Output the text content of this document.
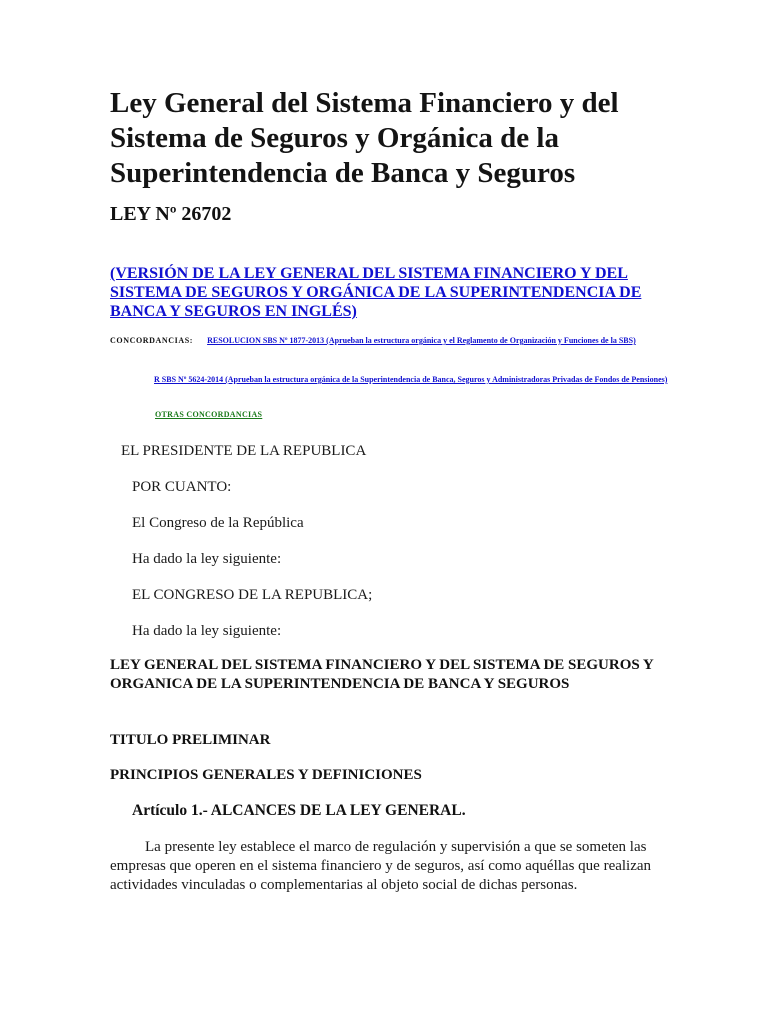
Ley General del Sistema Financiero y del Sistema de Seguros y Orgánica de la Superintendencia de Banca y Seguros
LEY Nº 26702
(VERSIÓN DE LA LEY GENERAL DEL SISTEMA FINANCIERO Y DEL SISTEMA DE SEGUROS Y ORGÁNICA DE LA SUPERINTENDENCIA DE BANCA Y SEGUROS EN INGLÉS)
CONCORDANCIAS: RESOLUCION SBS Nº 1877-2013 (Aprueban la estructura orgánica y el Reglamento de Organización y Funciones de la SBS)
R SBS Nº 5624-2014 (Aprueban la estructura orgánica de la Superintendencia de Banca, Seguros y Administradoras Privadas de Fondos de Pensiones)
OTRAS CONCORDANCIAS

EL PRESIDENTE DE LA REPUBLICA

POR CUANTO:

El Congreso de la República

Ha dado la ley siguiente:

EL CONGRESO DE LA REPUBLICA;

Ha dado la ley siguiente:

LEY GENERAL DEL SISTEMA FINANCIERO Y DEL SISTEMA DE SEGUROS Y ORGANICA DE LA SUPERINTENDENCIA DE BANCA Y SEGUROS
TITULO PRELIMINAR
PRINCIPIOS GENERALES Y DEFINICIONES
Artículo 1.- ALCANCES DE LA LEY GENERAL.

La presente ley establece el marco de regulación y supervisión a que se someten las empresas que operen en el sistema financiero y de seguros, así como aquéllas que realizan actividades vinculadas o complementarias al objeto social de dichas personas.
